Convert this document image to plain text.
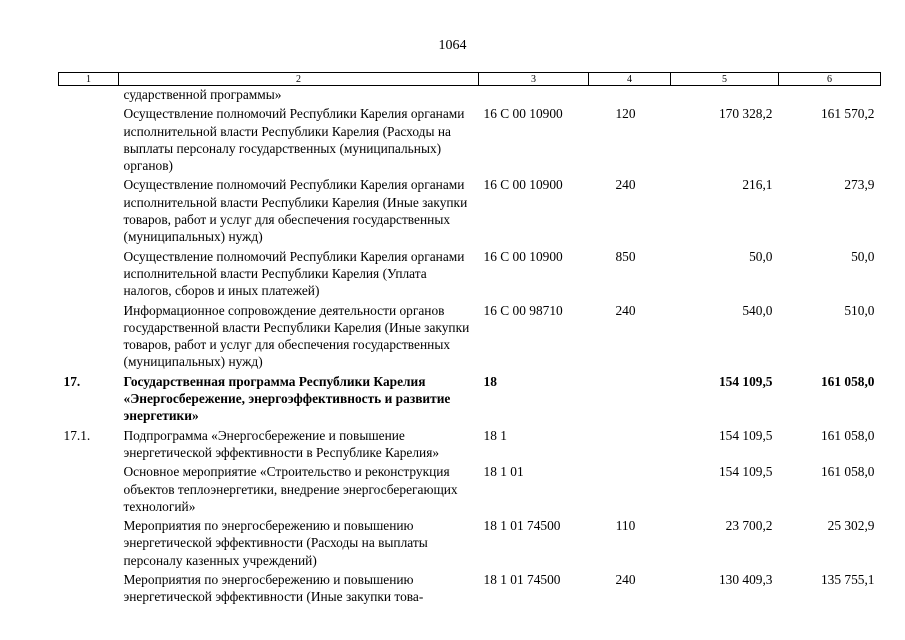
1064
1	2	3	4	5	6
	сударственной программы»				
	Осуществление полномочий Республики Карелия органами исполнительной власти Республики Карелия (Расходы на выплаты персоналу государственных (муниципальных) органов)	16 С 00 10900	120	170 328,2	161 570,2
	Осуществление полномочий Республики Карелия органами исполнительной власти Республики Карелия (Иные закупки товаров, работ и услуг для обеспечения государственных (муниципальных) нужд)	16 С 00 10900	240	216,1	273,9
	Осуществление полномочий Республики Карелия органами исполнительной власти Республики Карелия (Уплата налогов, сборов и иных платежей)	16 С 00 10900	850	50,0	50,0
	Информационное сопровождение деятельности органов государственной власти Республики Карелия (Иные закупки товаров, работ и услуг для обеспечения государственных (муниципальных) нужд)	16 С 00 98710	240	540,0	510,0
17.	Государственная программа Республики Карелия «Энергосбережение, энергоэффективность и развитие энергетики»	18		154 109,5	161 058,0
17.1.	Подпрограмма «Энергосбережение и повышение энергетической эффективности в Республике Карелия»	18 1		154 109,5	161 058,0
	Основное мероприятие «Строительство и реконструкция объектов теплоэнергетики, внедрение энергосберегающих технологий»	18 1 01		154 109,5	161 058,0
	Мероприятия по энергосбережению и повышению энергетической эффективности (Расходы на выплаты персоналу казенных учреждений)	18 1 01 74500	110	23 700,2	25 302,9
	Мероприятия по энергосбережению и повышению энергетической эффективности (Иные закупки това-	18 1 01 74500	240	130 409,3	135 755,1
